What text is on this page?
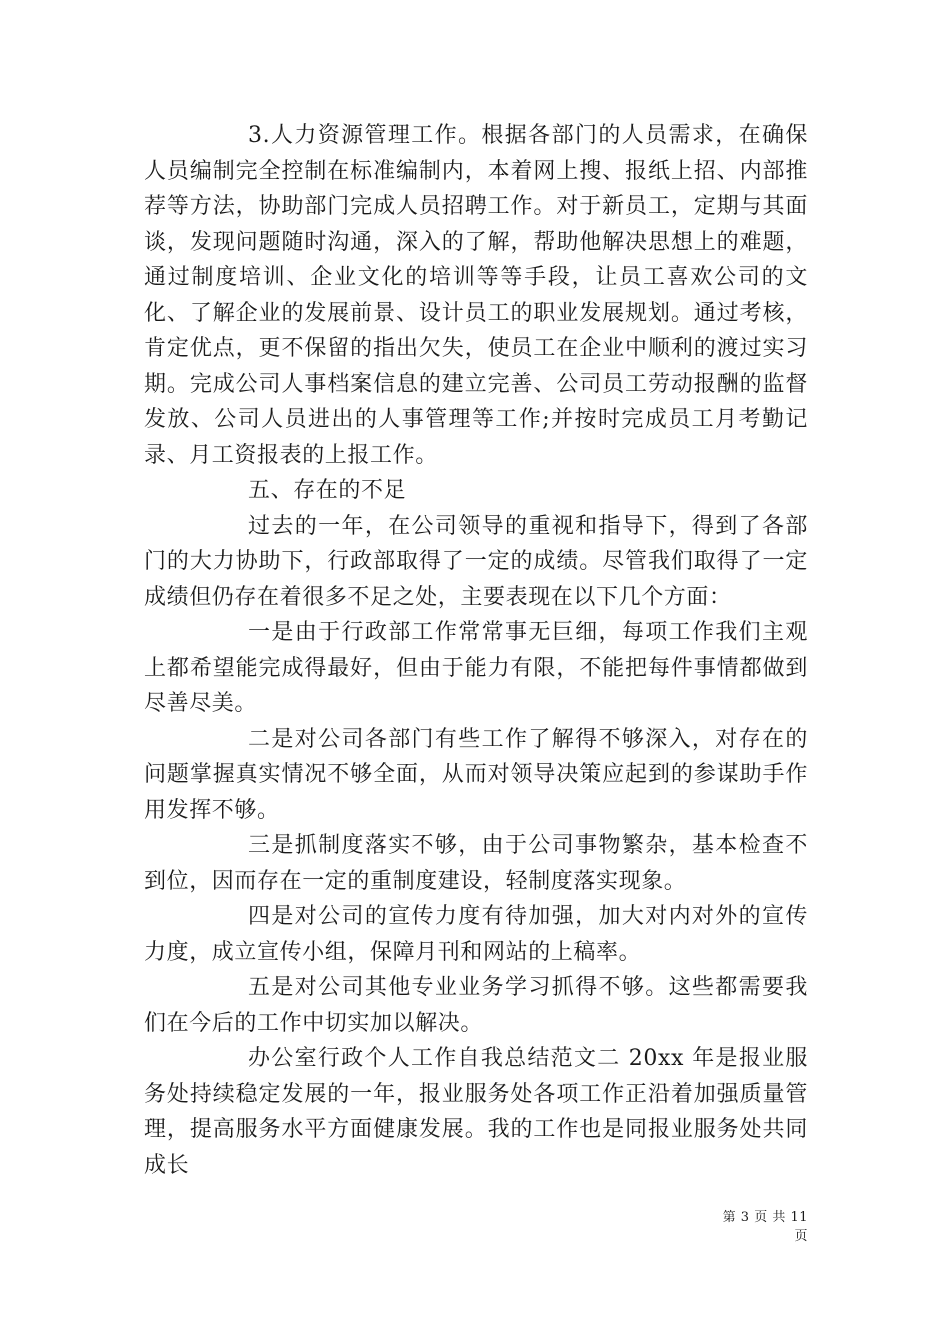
3.人力资源管理工作。根据各部门的人员需求，在确保人员编制完全控制在标准编制内，本着网上搜、报纸上招、内部推荐等方法，协助部门完成人员招聘工作。对于新员工，定期与其面谈，发现问题随时沟通，深入的了解，帮助他解决思想上的难题，通过制度培训、企业文化的培训等等手段，让员工喜欢公司的文化、了解企业的发展前景、设计员工的职业发展规划。通过考核，肯定优点，更不保留的指出欠失，使员工在企业中顺利的渡过实习期。完成公司人事档案信息的建立完善、公司员工劳动报酬的监督发放、公司人员进出的人事管理等工作;并按时完成员工月考勤记录、月工资报表的上报工作。

五、存在的不足

过去的一年，在公司领导的重视和指导下，得到了各部门的大力协助下，行政部取得了一定的成绩。尽管我们取得了一定成绩但仍存在着很多不足之处，主要表现在以下几个方面：

一是由于行政部工作常常事无巨细，每项工作我们主观上都希望能完成得最好，但由于能力有限，不能把每件事情都做到尽善尽美。

二是对公司各部门有些工作了解得不够深入，对存在的问题掌握真实情况不够全面，从而对领导决策应起到的参谋助手作用发挥不够。

三是抓制度落实不够，由于公司事物繁杂，基本检查不到位，因而存在一定的重制度建设，轻制度落实现象。

四是对公司的宣传力度有待加强，加大对内对外的宣传力度，成立宣传小组，保障月刊和网站的上稿率。

五是对公司其他专业业务学习抓得不够。这些都需要我们在今后的工作中切实加以解决。

办公室行政个人工作自我总结范文二 20xx 年是报业服务处持续稳定发展的一年，报业服务处各项工作正沿着加强质量管理，提高服务水平方面健康发展。我的工作也是同报业服务处共同成长

第 3 页 共 11 页
